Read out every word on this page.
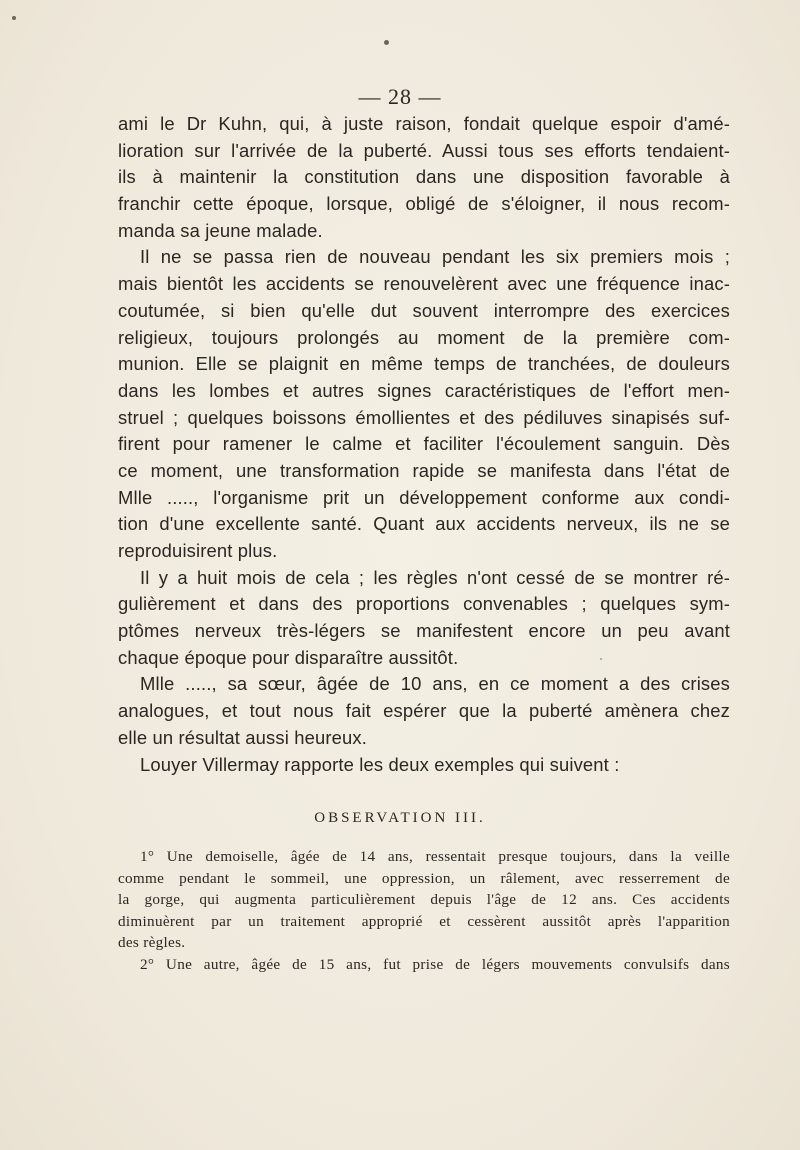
— 28 —
ami le Dr Kuhn, qui, à juste raison, fondait quelque espoir d'amé-
lioration sur l'arrivée de la puberté. Aussi tous ses efforts tendaient-
ils à maintenir la constitution dans une disposition favorable à
franchir cette époque, lorsque, obligé de s'éloigner, il nous recom-
manda sa jeune malade.
Il ne se passa rien de nouveau pendant les six premiers mois ;
mais bientôt les accidents se renouvelèrent avec une fréquence inac-
coutumée, si bien qu'elle dut souvent interrompre des exercices
religieux, toujours prolongés au moment de la première com-
munion. Elle se plaignit en même temps de tranchées, de douleurs
dans les lombes et autres signes caractéristiques de l'effort men-
struel ; quelques boissons émollientes et des pédiluves sinapisés suf-
firent pour ramener le calme et faciliter l'écoulement sanguin. Dès
ce moment, une transformation rapide se manifesta dans l'état de
Mlle ....., l'organisme prit un développement conforme aux condi-
tion d'une excellente santé. Quant aux accidents nerveux, ils ne se
reproduisirent plus.
Il y a huit mois de cela ; les règles n'ont cessé de se montrer ré-
gulièrement et dans des proportions convenables ; quelques sym-
ptômes nerveux très-légers se manifestent encore un peu avant
chaque époque pour disparaître aussitôt.
Mlle ....., sa sœur, âgée de 10 ans, en ce moment a des crises
analogues, et tout nous fait espérer que la puberté amènera chez
elle un résultat aussi heureux.
Louyer Villermay rapporte les deux exemples qui suivent :
OBSERVATION III.
1° Une demoiselle, âgée de 14 ans, ressentait presque toujours, dans la veille
comme pendant le sommeil, une oppression, un râlement, avec resserrement de
la gorge, qui augmenta particulièrement depuis l'âge de 12 ans. Ces accidents
diminuèrent par un traitement approprié et cessèrent aussitôt après l'apparition
des règles.
2° Une autre, âgée de 15 ans, fut prise de légers mouvements convulsifs dans
